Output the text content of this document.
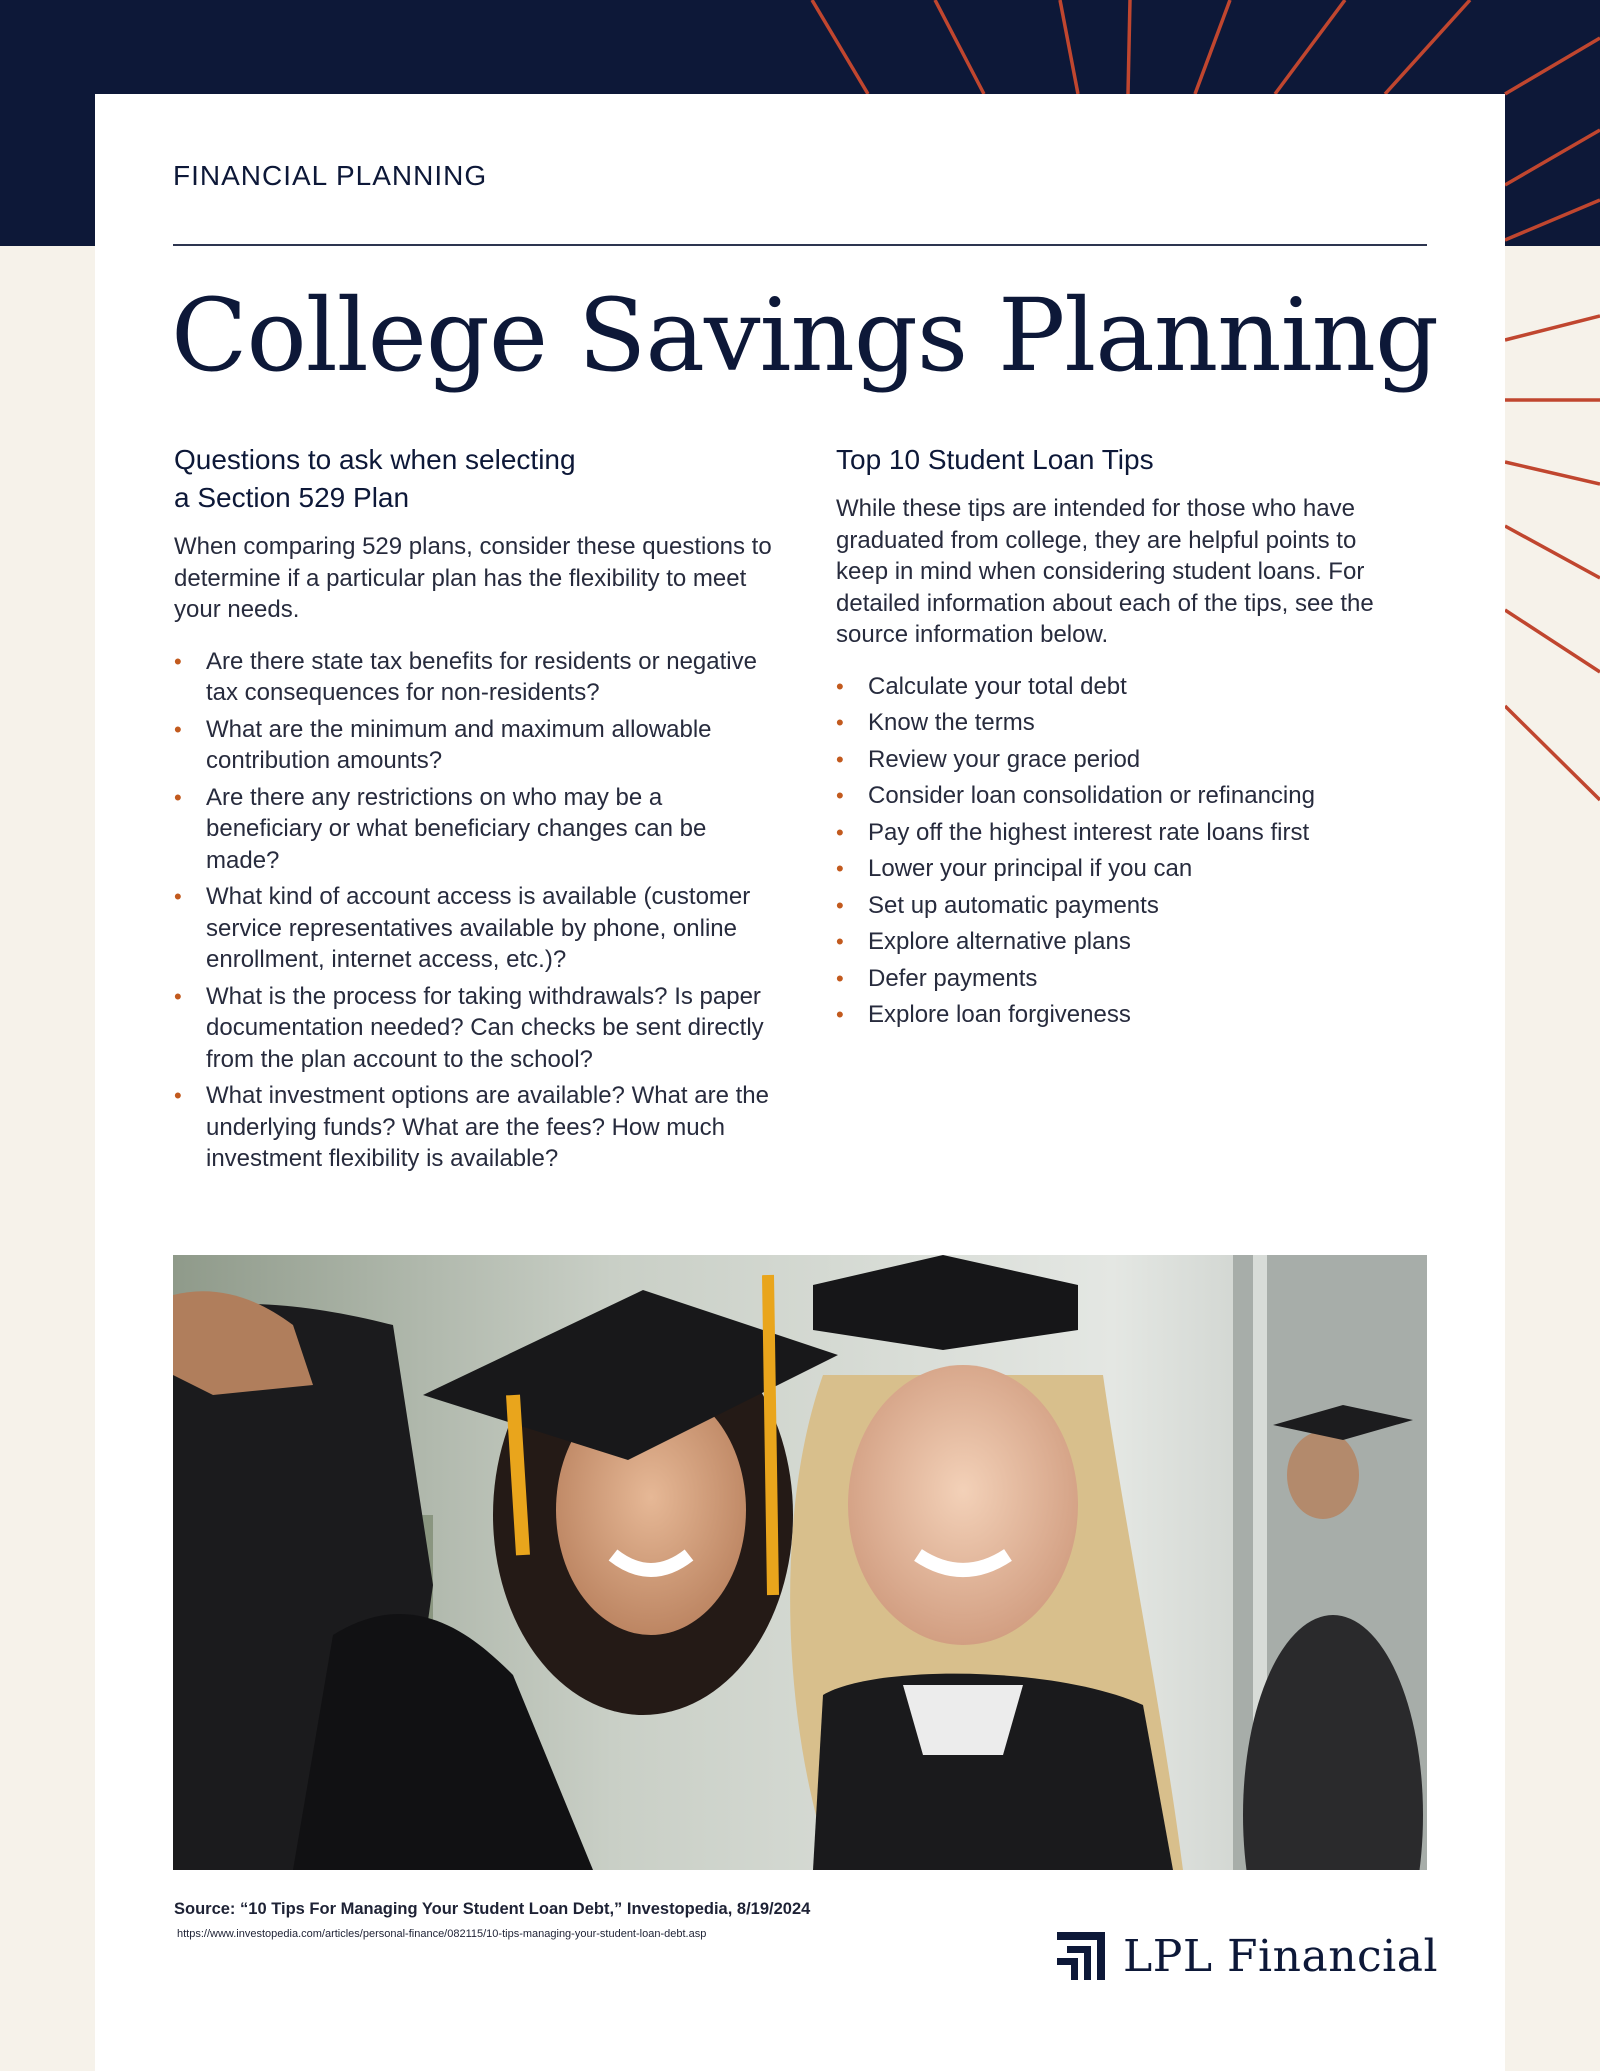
FINANCIAL PLANNING
College Savings Planning
Questions to ask when selecting
a Section 529 Plan

When comparing 529 plans, consider these questions to determine if a particular plan has the flexibility to meet your needs.

• Are there state tax benefits for residents or negative tax consequences for non-residents?
• What are the minimum and maximum allowable contribution amounts?
• Are there any restrictions on who may be a beneficiary or what beneficiary changes can be made?
• What kind of account access is available (customer service representatives available by phone, online enrollment, internet access, etc.)?
• What is the process for taking withdrawals? Is paper documentation needed? Can checks be sent directly from the plan account to the school?
• What investment options are available? What are the underlying funds? What are the fees? How much investment flexibility is available?
Top 10 Student Loan Tips

While these tips are intended for those who have graduated from college, they are helpful points to keep in mind when considering student loans. For detailed information about each of the tips, see the source information below.

• Calculate your total debt
• Know the terms
• Review your grace period
• Consider loan consolidation or refinancing
• Pay off the highest interest rate loans first
• Lower your principal if you can
• Set up automatic payments
• Explore alternative plans
• Defer payments
• Explore loan forgiveness
Source: “10 Tips For Managing Your Student Loan Debt,” Investopedia, 8/19/2024
https://www.investopedia.com/articles/personal-finance/082115/10-tips-managing-your-student-loan-debt.asp	LPL Financial
